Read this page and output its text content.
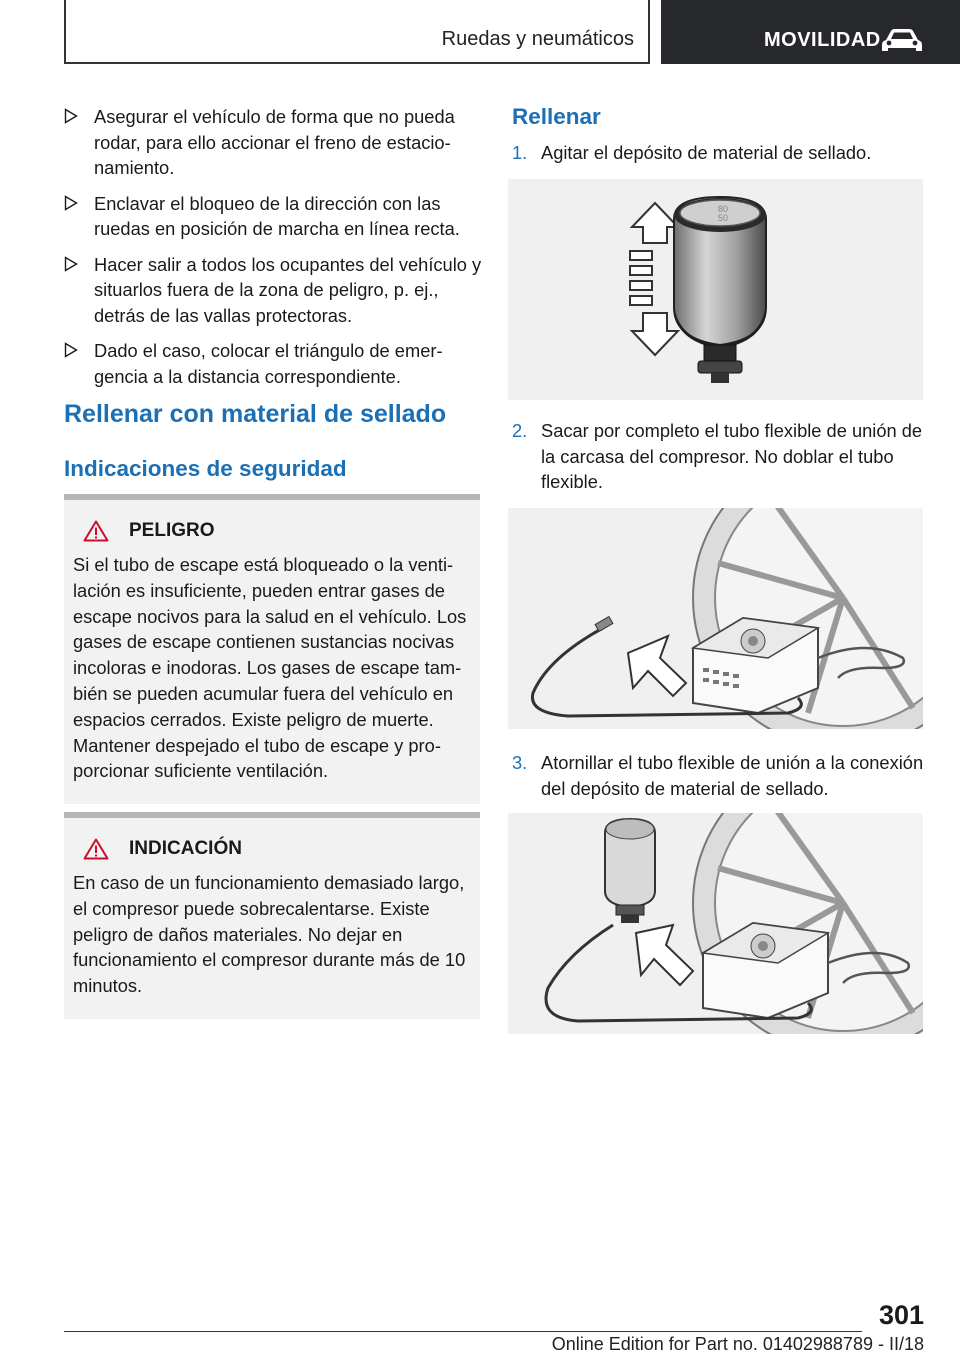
Ruedas y neumáticos	MOVILIDAD
Asegurar el vehículo de forma que no pueda rodar, para ello accionar el freno de estacionamiento.
Enclavar el bloqueo de la dirección con las ruedas en posición de marcha en línea recta.
Hacer salir a todos los ocupantes del vehículo y situarlos fuera de la zona de peligro, p. ej., detrás de las vallas protectoras.
Dado el caso, colocar el triángulo de emergencia a la distancia correspondiente.
Rellenar con material de sellado
Indicaciones de seguridad
PELIGRO
Si el tubo de escape está bloqueado o la ventilación es insuficiente, pueden entrar gases de escape nocivos para la salud en el vehículo. Los gases de escape contienen sustancias nocivas incoloras e inodoras. Los gases de escape también se pueden acumular fuera del vehículo en espacios cerrados. Existe peligro de muerte. Mantener despejado el tubo de escape y proporcionar suficiente ventilación.
INDICACIÓN
En caso de un funcionamiento demasiado largo, el compresor puede sobrecalentarse. Existe peligro de daños materiales. No dejar en funcionamiento el compresor durante más de 10 minutos.
Rellenar
1. Agitar el depósito de material de sellado.
80
50
2. Sacar por completo el tubo flexible de unión de la carcasa del compresor. No doblar el tubo flexible.
3. Atornillar el tubo flexible de unión a la conexión del depósito de material de sellado.
301
Online Edition for Part no. 01402988789 - II/18
